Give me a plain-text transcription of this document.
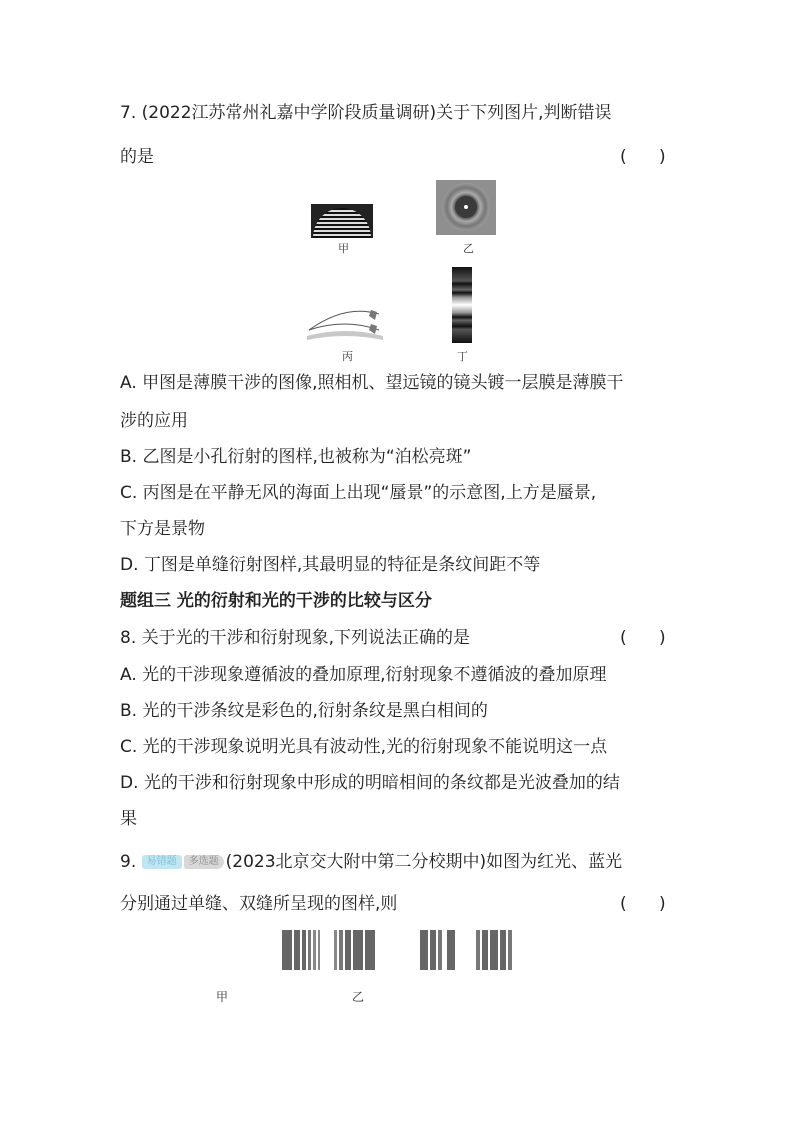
7. (2022江苏常州礼嘉中学阶段质量调研)关于下列图片,判断错误
的是	(      )
甲	乙
丙	丁
A. 甲图是薄膜干涉的图像,照相机、望远镜的镜头镀一层膜是薄膜干
涉的应用
B. 乙图是小孔衍射的图样,也被称为“泊松亮斑”
C. 丙图是在平静无风的海面上出现“蜃景”的示意图,上方是蜃景,
下方是景物
D. 丁图是单缝衍射图样,其最明显的特征是条纹间距不等
题组三 光的衍射和光的干涉的比较与区分
8. 关于光的干涉和衍射现象,下列说法正确的是	(      )
A. 光的干涉现象遵循波的叠加原理,衍射现象不遵循波的叠加原理
B. 光的干涉条纹是彩色的,衍射条纹是黑白相间的
C. 光的干涉现象说明光具有波动性,光的衍射现象不能说明这一点
D. 光的干涉和衍射现象中形成的明暗相间的条纹都是光波叠加的结
果
9. 易错题 多选题 (2023北京交大附中第二分校期中)如图为红光、蓝光
分别通过单缝、双缝所呈现的图样,则	(      )
甲	乙
